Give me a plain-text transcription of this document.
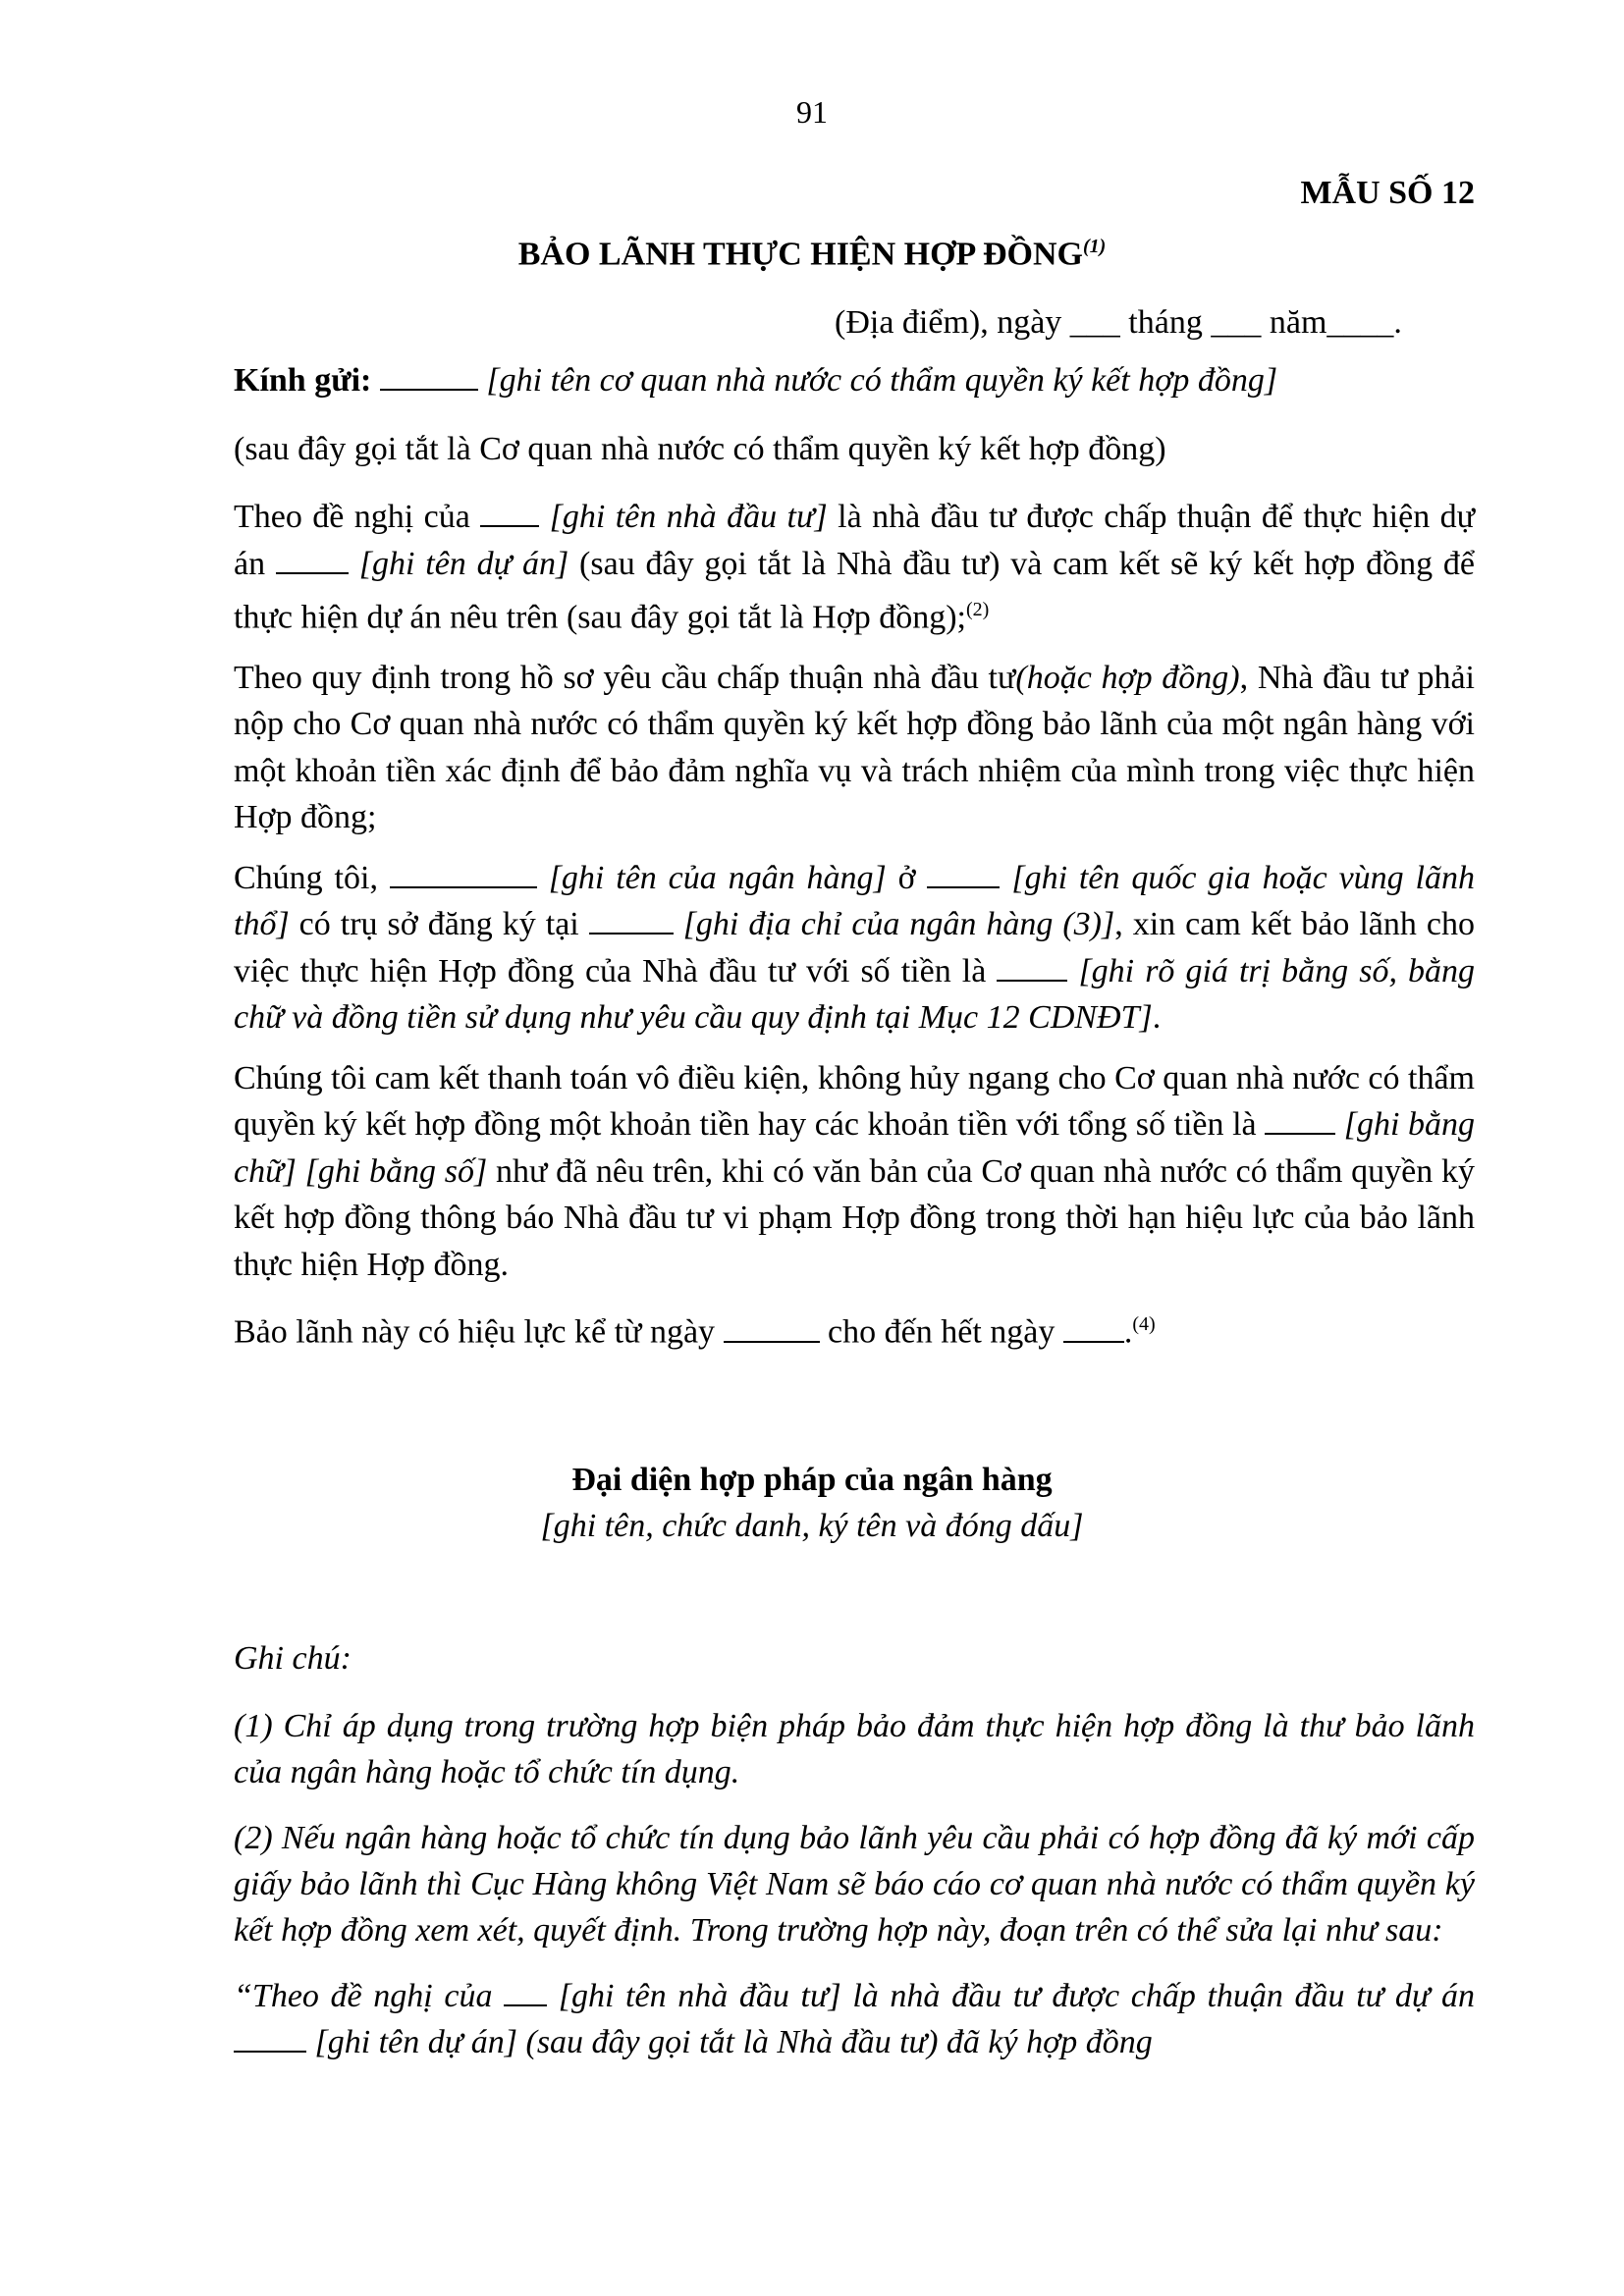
91
MẪU SỐ 12
BẢO LÃNH THỰC HIỆN HỢP ĐỒNG$^{(1)}$
(Địa điểm), ngày ___ tháng ___ năm____.

Kính gửi:	[ghi tên cơ quan nhà nước có thẩm quyền ký kết hợp đồng]

(sau đây gọi tắt là Cơ quan nhà nước có thẩm quyền ký kết hợp đồng)

Theo đề nghị của [ghi tên nhà đầu tư] là nhà đầu tư được chấp thuận để thực hiện dự án	[ghi tên dự án] (sau đây gọi tắt là Nhà đầu tư) và cam kết sẽ ký kết hợp đồng để thực hiện dự án nêu trên (sau đây gọi tắt là Hợp đồng);$^{(2)}$

Theo quy định trong hồ sơ yêu cầu chấp thuận nhà đầu tư(hoặc hợp đồng), Nhà đầu tư phải nộp cho Cơ quan nhà nước có thẩm quyền ký kết hợp đồng bảo lãnh của một ngân hàng với một khoản tiền xác định để bảo đảm nghĩa vụ và trách nhiệm của mình trong việc thực hiện Hợp đồng;

Chúng tôi,	[ghi tên của ngân hàng] ở	[ghi tên quốc gia hoặc vùng lãnh thổ] có trụ sở đăng ký tại	[ghi địa chỉ của ngân hàng (3)], xin cam kết bảo lãnh cho việc thực hiện Hợp đồng của Nhà đầu tư với số tiền là	[ghi rõ giá trị bằng số, bằng chữ và đồng tiền sử dụng như yêu cầu quy định tại Mục 12 CDNĐT].

Chúng tôi cam kết thanh toán vô điều kiện, không hủy ngang cho Cơ quan nhà nước có thẩm quyền ký kết hợp đồng một khoản tiền hay các khoản tiền với tổng số tiền là	[ghi bằng chữ] [ghi bằng số] như đã nêu trên, khi có văn bản của Cơ quan nhà nước có thẩm quyền ký kết hợp đồng thông báo Nhà đầu tư vi phạm Hợp đồng trong thời hạn hiệu lực của bảo lãnh thực hiện Hợp đồng.

Bảo lãnh này có hiệu lực kể từ ngày	cho đến hết ngày .$^{(4)}$

Đại diện hợp pháp của ngân hàng
[ghi tên, chức danh, ký tên và đóng dấu]

Ghi chú:

(1) Chỉ áp dụng trong trường hợp biện pháp bảo đảm thực hiện hợp đồng là thư bảo lãnh của ngân hàng hoặc tổ chức tín dụng.

(2) Nếu ngân hàng hoặc tổ chức tín dụng bảo lãnh yêu cầu phải có hợp đồng đã ký mới cấp giấy bảo lãnh thì Cục Hàng không Việt Nam sẽ báo cáo cơ quan nhà nước có thẩm quyền ký kết hợp đồng xem xét, quyết định. Trong trường hợp này, đoạn trên có thể sửa lại như sau:

“Theo đề nghị của [ghi tên nhà đầu tư] là nhà đầu tư được chấp thuận đầu tư dự án  [ghi tên dự án] (sau đây gọi tắt là Nhà đầu tư) đã ký hợp đồng
